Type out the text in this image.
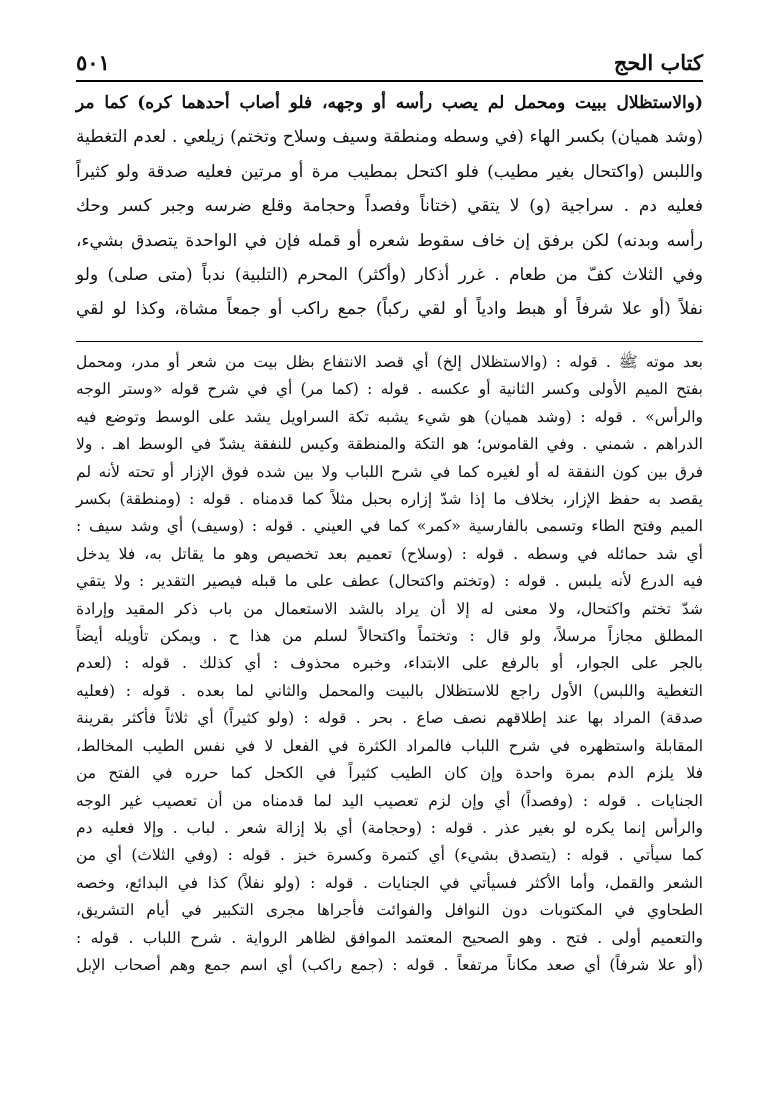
كتاب الحج
٥٠١

(والاستظلال ببيت ومحمل لم يصب رأسه أو وجهه، فلو أصاب أحدهما كره) كما مر

(وشد هميان) بكسر الهاء (في وسطه ومنطقة وسيف وسلاح وتختم) زيلعي . لعدم التغطية

واللبس (واكتحال بغير مطيب) فلو اكتحل بمطيب مرة أو مرتين فعليه صدقة ولو كثيراً

فعليه دم . سراجية (و) لا يتقي (ختاناً وفصداً وحجامة وقلع ضرسه وجبر كسر وحك

رأسه وبدنه) لكن برفق إن خاف سقوط شعره أو قمله فإن في الواحدة يتصدق بشيء،

وفي الثلاث كفّ من طعام . غرر أذكار (وأكثر) المحرم (التلبية) ندباً (متى صلى) ولو

نفلاً (أو علا شرفاً أو هبط وادياً أو لقي ركباً) جمع راكب أو جمعاً مشاة، وكذا لو لقي

بعد موته ﷺ . قوله : (والاستظلال إلخ) أي قصد الانتفاع بظل بيت من شعر أو مدر، ومحمل

بفتح الميم الأولى وكسر الثانية أو عكسه . قوله : (كما مر) أي في شرح قوله «وستر الوجه

والرأس» . قوله : (وشد هميان) هو شيء يشبه تكة السراويل يشد على الوسط وتوضع فيه

الدراهم . شمني . وفي القاموس؛ هو التكة والمنطقة وكيس للنفقة يشدّ في الوسط اهـ . ولا

فرق بين كون النفقة له أو لغيره كما في شرح اللباب ولا بين شده فوق الإزار أو تحته لأنه لم

يقصد به حفظ الإزار، بخلاف ما إذا شدّ إزاره بحبل مثلاً كما قدمناه . قوله : (ومنطقة) بكسر

الميم وفتح الطاء وتسمى بالفارسية «كمر» كما في العيني . قوله : (وسيف) أي وشد سيف :

أي شد حمائله في وسطه . قوله : (وسلاح) تعميم بعد تخصيص وهو ما يقاتل به، فلا يدخل

فيه الدرع لأنه يلبس . قوله : (وتختم واكتحال) عطف على ما قبله فيصير التقدير : ولا يتقي

شدّ تختم واكتحال، ولا معنى له إلا أن يراد بالشد الاستعمال من باب ذكر المقيد وإرادة

المطلق مجازاً مرسلاً، ولو قال : وتختماً واكتحالاً لسلم من هذا ح . ويمكن تأويله أيضاً

بالجر على الجوار، أو بالرفع على الابتداء، وخبره محذوف : أي كذلك . قوله : (لعدم

التغطية واللبس) الأول راجع للاستظلال بالبيت والمحمل والثاني لما بعده . قوله : (فعليه

صدقة) المراد بها عند إطلاقهم نصف صاع . بحر . قوله : (ولو كثيراً) أي ثلاثاً فأكثر بقرينة

المقابلة واستظهره في شرح اللباب فالمراد الكثرة في الفعل لا في نفس الطيب المخالط،

فلا يلزم الدم بمرة واحدة وإن كان الطيب كثيراً في الكحل كما حرره في الفتح من

الجنايات . قوله : (وفصداً) أي وإن لزم تعصيب اليد لما قدمناه من أن تعصيب غير الوجه

والرأس إنما يكره لو بغير عذر . قوله : (وحجامة) أي بلا إزالة شعر . لباب . وإلا فعليه دم

كما سيأتي . قوله : (يتصدق بشيء) أي كتمرة وكسرة خبز . قوله : (وفي الثلاث) أي من

الشعر والقمل، وأما الأكثر فسيأتي في الجنايات . قوله : (ولو نفلاً) كذا في البدائع، وخصه

الطحاوي في المكتوبات دون النوافل والفوائت فأجراها مجرى التكبير في أيام التشريق،

والتعميم أولى . فتح . وهو الصحيح المعتمد الموافق لظاهر الرواية . شرح اللباب . قوله :

(أو علا شرفاً) أي صعد مكاناً مرتفعاً . قوله : (جمع راكب) أي اسم جمع وهم أصحاب الإبل
